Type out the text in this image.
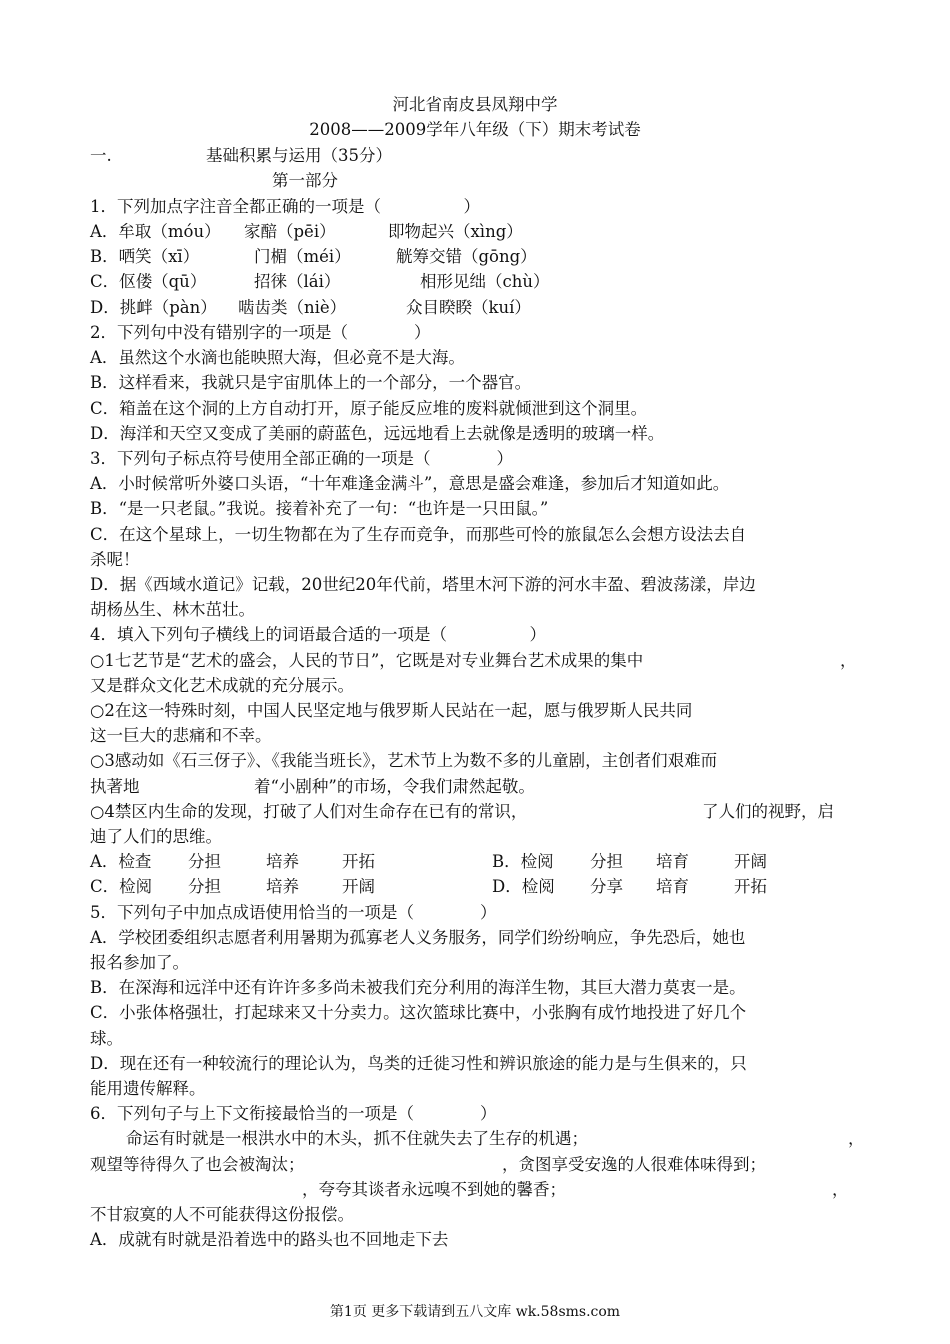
河北省南皮县凤翔中学
2008——2009学年八年级（下）期末考试卷
一.	基础积累与运用（35分）
第一部分
1．下列加点字注音全都正确的一项是（　　　　　）
A．牟取（móu） 家醅（pēi）	即物起兴（xìng）
B．哂笑（xī）	门楣（méi）	觥筹交错（gōng）
C．伛偻（qū）	招徕（lái）	相形见绌（chù）
D．挑衅（pàn） 啮齿类（niè）	众目睽睽（kuí）
2．下列句中没有错别字的一项是（　　　　）
A．虽然这个水滴也能映照大海，但必竟不是大海。
B．这样看来，我就只是宇宙肌体上的一个部分，一个器官。
C．箱盖在这个洞的上方自动打开，原子能反应堆的废料就倾泄到这个洞里。
D．海洋和天空又变成了美丽的蔚蓝色，远远地看上去就像是透明的玻璃一样。
3．下列句子标点符号使用全部正确的一项是（　　　　）
A．小时候常听外婆口头语，“十年难逢金满斗”，意思是盛会难逢，参加后才知道如此。
B．“是一只老鼠。”我说。接着补充了一句：“也许是一只田鼠。”
C．在这个星球上，一切生物都在为了生存而竞争，而那些可怜的旅鼠怎么会想方设法去自
杀呢！
D．据《西域水道记》记载，20世纪20年代前，塔里木河下游的河水丰盈、碧波荡漾，岸边
胡杨丛生、林木茁壮。
4．填入下列句子横线上的词语最合适的一项是（　　　　　）
○1七艺节是“艺术的盛会，人民的节日”，它既是对专业舞台艺术成果的集中	，
又是群众文化艺术成就的充分展示。
○2在这一特殊时刻，中国人民坚定地与俄罗斯人民站在一起，愿与俄罗斯人民共同
这一巨大的悲痛和不幸。
○3感动如《石三伢子》、《我能当班长》，艺术节上为数不多的儿童剧，主创者们艰难而
执著地	着“小剧种”的市场，令我们肃然起敬。
○4禁区内生命的发现，打破了人们对生命存在已有的常识，	了人们的视野，启
迪了人们的思维。
A．检查 分担	培养	开拓	B．检阅 分担 培育	开阔
C．检阅 分担	培养	开阔	D．检阅 分享 培育	开拓
5．下列句子中加点成语使用恰当的一项是（　　　　）
A．学校团委组织志愿者利用暑期为孤寡老人义务服务，同学们纷纷响应，争先恐后，她也
报名参加了。
B．在深海和远洋中还有许许多多尚未被我们充分利用的海洋生物，其巨大潜力莫衷一是。
C．小张体格强壮，打起球来又十分卖力。这次篮球比赛中，小张胸有成竹地投进了好几个
球。
D．现在还有一种较流行的理论认为，鸟类的迁徙习性和辨识旅途的能力是与生俱来的，只
能用遗传解释。
6．下列句子与上下文衔接最恰当的一项是（　　　　）
命运有时就是一根洪水中的木头，抓不住就失去了生存的机遇；	，
观望等待得久了也会被淘汰；	，贪图享受安逸的人很难体味得到；
，夸夸其谈者永远嗅不到她的馨香；	，
不甘寂寞的人不可能获得这份报偿。
A．成就有时就是沿着选中的路头也不回地走下去
第1页 更多下载请到五八文库 wk.58sms.com
